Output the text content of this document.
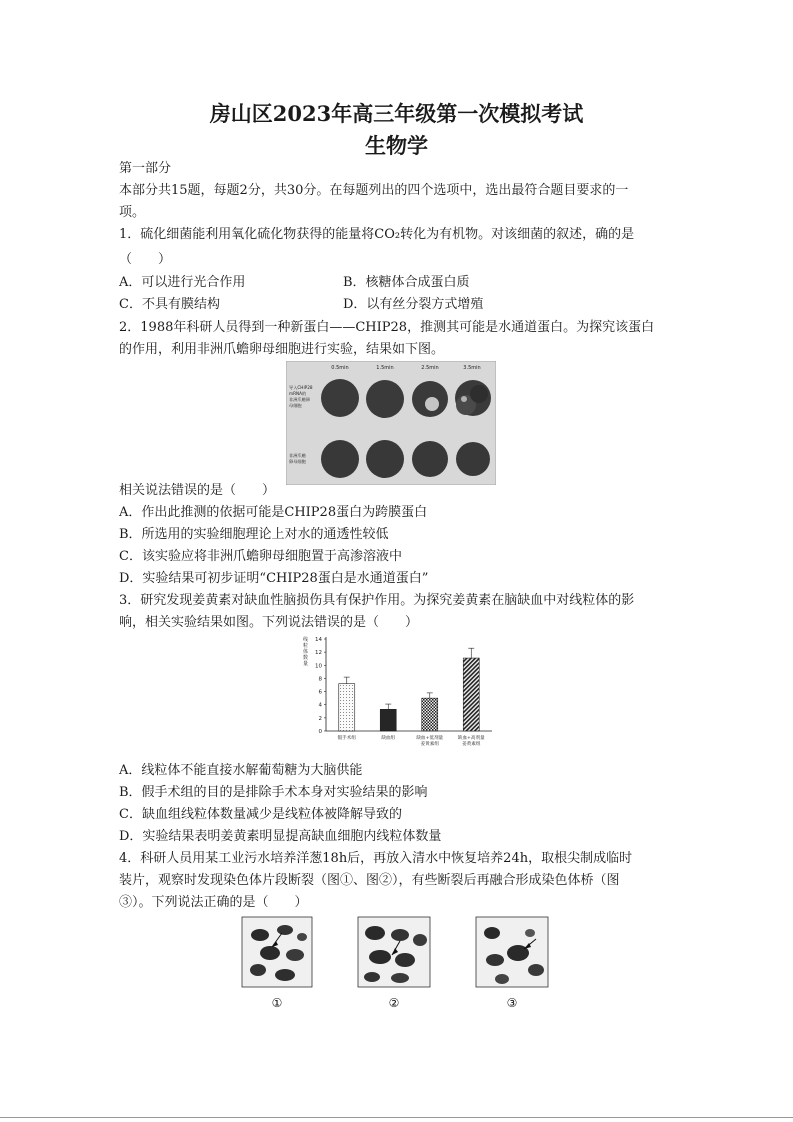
房山区2023年高三年级第一次模拟考试
生物学
第一部分
本部分共15题，每题2分，共30分。在每题列出的四个选项中，选出最符合题目要求的一
项。
1．硫化细菌能利用氧化硫化物获得的能量将CO₂转化为有机物。对该细菌的叙述，确的是
（　　）
A．可以进行光合作用	B．核糖体合成蛋白质
C．不具有膜结构	D．以有丝分裂方式增殖
2．1988年科研人员得到一种新蛋白——CHIP28，推测其可能是水通道蛋白。为探究该蛋白
的作用，利用非洲爪蟾卵母细胞进行实验，结果如下图。
0.5min	1.5min	2.5min	3.5min
导入CHIP28
mRNA的
非洲爪蟾卵
母细胞
非洲爪蟾
卵母细胞
相关说法错误的是（　　）
A．作出此推测的依据可能是CHIP28蛋白为跨膜蛋白
B．所选用的实验细胞理论上对水的通透性较低
C．该实验应将非洲爪蟾卵母细胞置于高渗溶液中
D．实验结果可初步证明“CHIP28蛋白是水通道蛋白”
3．研究发现姜黄素对缺血性脑损伤具有保护作用。为探究姜黄素在脑缺血中对线粒体的影
响，相关实验结果如图。下列说法错误的是（　　）
线
粒
体
数
量
0
2
4
6
8
10
12
14
假手术组	缺血组	缺血+低剂量
姜黄素组
缺血+高剂量
姜黄素组
A．线粒体不能直接水解葡萄糖为大脑供能
B．假手术组的目的是排除手术本身对实验结果的影响
C．缺血组线粒体数量减少是线粒体被降解导致的
D．实验结果表明姜黄素明显提高缺血细胞内线粒体数量
4．科研人员用某工业污水培养洋葱18h后，再放入清水中恢复培养24h，取根尖制成临时
装片，观察时发现染色体片段断裂（图①、图②），有些断裂后再融合形成染色体桥（图
③）。下列说法正确的是（　　）
①	②	③
